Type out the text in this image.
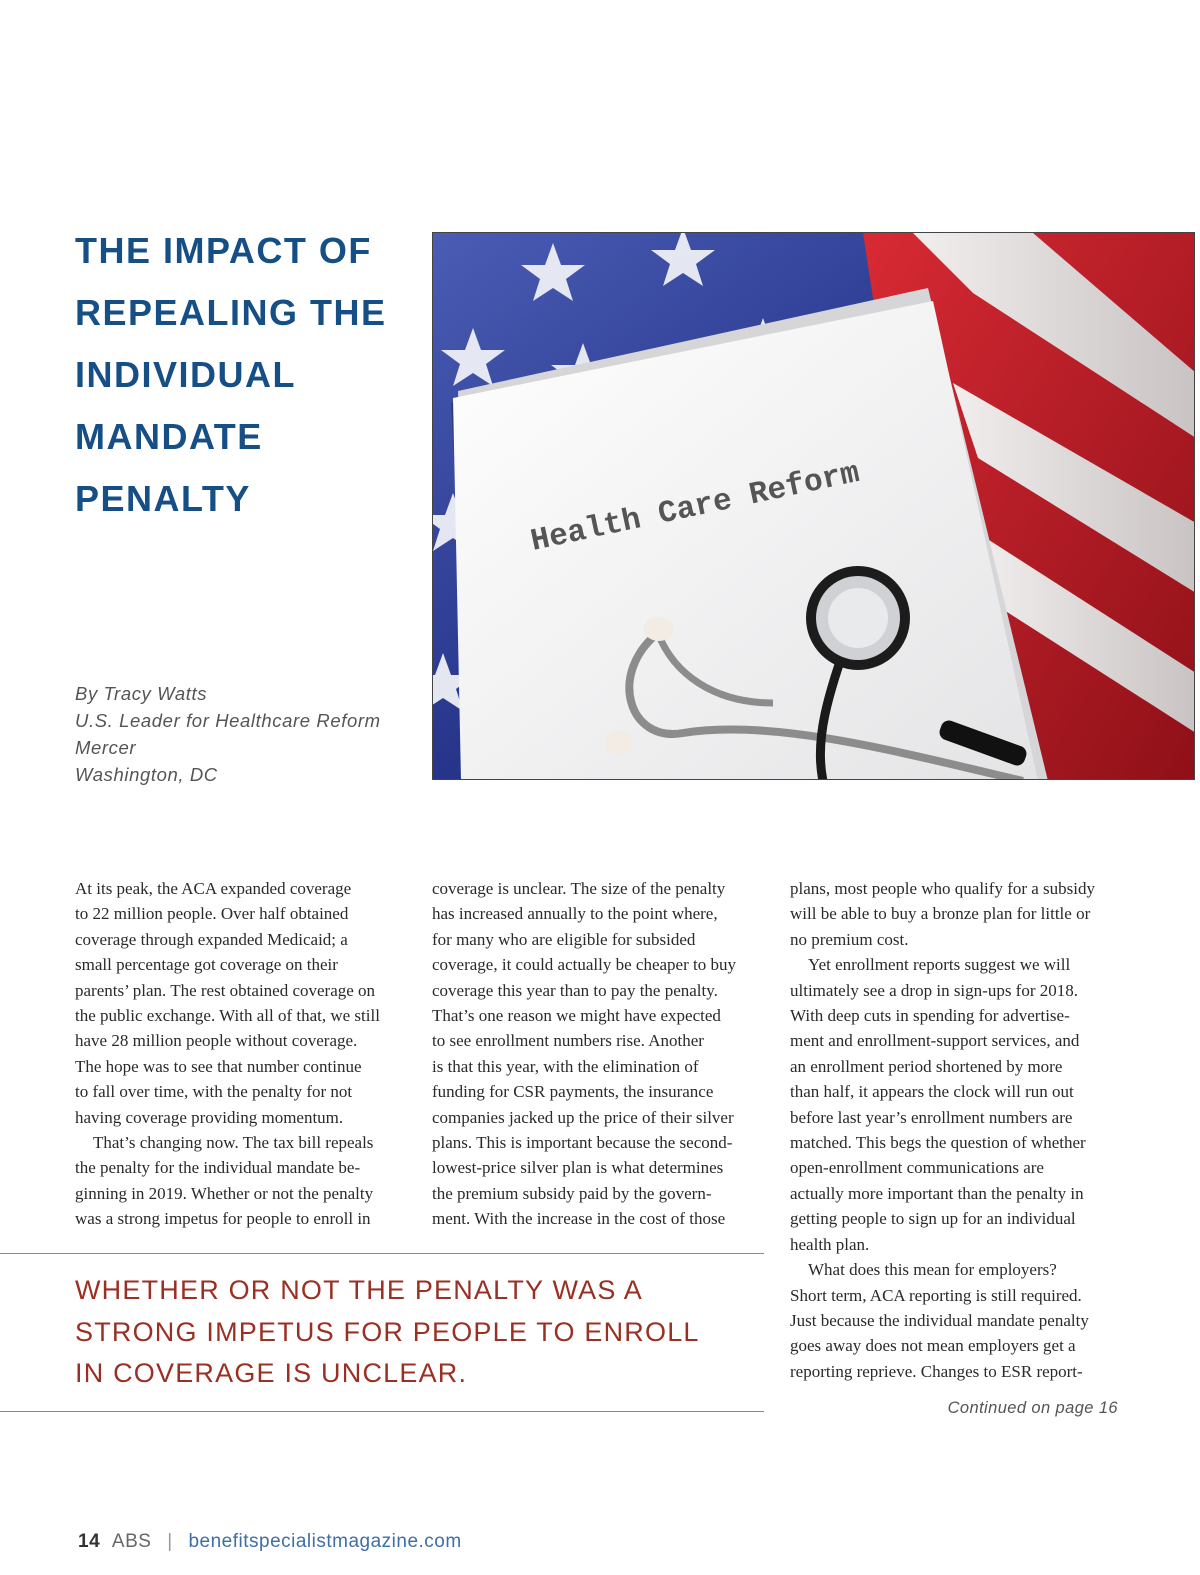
THE IMPACT OF
REPEALING THE
INDIVIDUAL
MANDATE
PENALTY
By Tracy Watts
U.S. Leader for Healthcare Reform
Mercer
Washington, DC
Health Care Reform
At its peak, the ACA expanded coverage
to 22 million people. Over half obtained
coverage through expanded Medicaid; a
small percentage got coverage on their
parents’ plan. The rest obtained coverage on
the public exchange. With all of that, we still
have 28 million people without coverage.
The hope was to see that number continue
to fall over time, with the penalty for not
having coverage providing momentum.
That’s changing now. The tax bill repeals
the penalty for the individual mandate be-
ginning in 2019. Whether or not the penalty
was a strong impetus for people to enroll in
coverage is unclear. The size of the penalty
has increased annually to the point where,
for many who are eligible for subsided
coverage, it could actually be cheaper to buy
coverage this year than to pay the penalty.
That’s one reason we might have expected
to see enrollment numbers rise. Another
is that this year, with the elimination of
funding for CSR payments, the insurance
companies jacked up the price of their silver
plans. This is important because the second-
lowest-price silver plan is what determines
the premium subsidy paid by the govern-
ment. With the increase in the cost of those
plans, most people who qualify for a subsidy
will be able to buy a bronze plan for little or
no premium cost.
Yet enrollment reports suggest we will
ultimately see a drop in sign-ups for 2018.
With deep cuts in spending for advertise-
ment and enrollment-support services, and
an enrollment period shortened by more
than half, it appears the clock will run out
before last year’s enrollment numbers are
matched. This begs the question of whether
open-enrollment communications are
actually more important than the penalty in
getting people to sign up for an individual
health plan.
What does this mean for employers?
Short term, ACA reporting is still required.
Just because the individual mandate penalty
goes away does not mean employers get a
reporting reprieve. Changes to ESR report-
WHETHER OR NOT THE PENALTY WAS A
STRONG IMPETUS FOR PEOPLE TO ENROLL
IN COVERAGE IS UNCLEAR.
Continued on page 16
14 ABS | benefitspecialistmagazine.com
